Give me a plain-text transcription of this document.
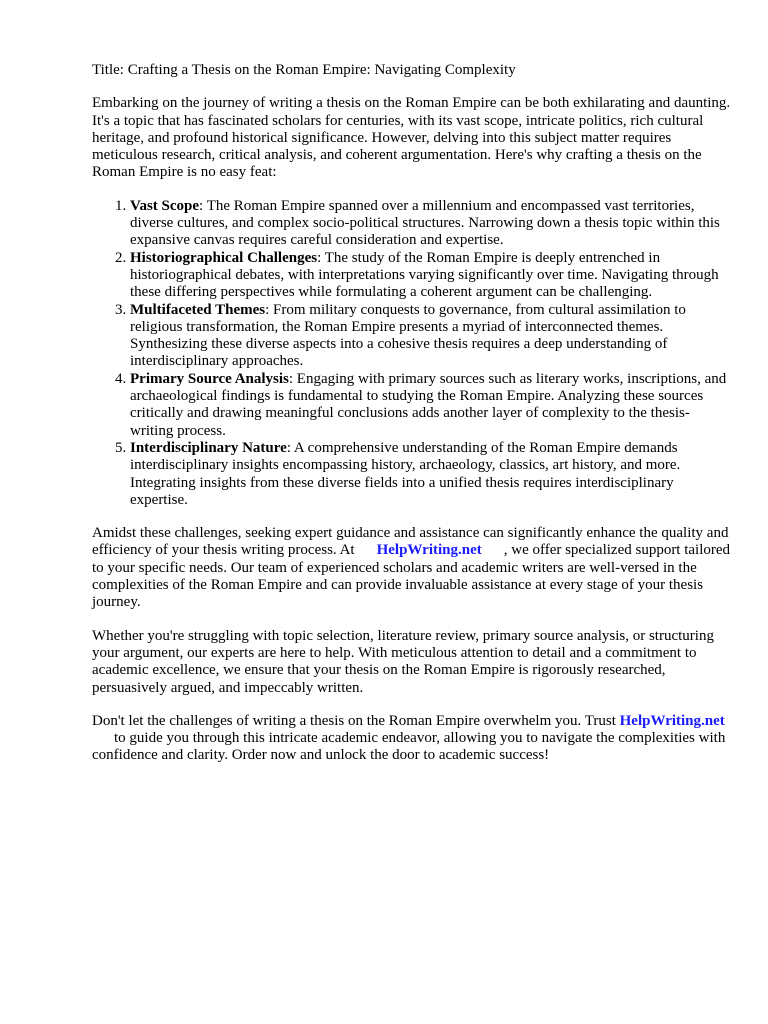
Title: Crafting a Thesis on the Roman Empire: Navigating Complexity

Embarking on the journey of writing a thesis on the Roman Empire can be both exhilarating and daunting. It's a topic that has fascinated scholars for centuries, with its vast scope, intricate politics, rich cultural heritage, and profound historical significance. However, delving into this subject matter requires meticulous research, critical analysis, and coherent argumentation. Here's why crafting a thesis on the Roman Empire is no easy feat:

1. Vast Scope: The Roman Empire spanned over a millennium and encompassed vast territories, diverse cultures, and complex socio-political structures. Narrowing down a thesis topic within this expansive canvas requires careful consideration and expertise.
2. Historiographical Challenges: The study of the Roman Empire is deeply entrenched in historiographical debates, with interpretations varying significantly over time. Navigating through these differing perspectives while formulating a coherent argument can be challenging.
3. Multifaceted Themes: From military conquests to governance, from cultural assimilation to religious transformation, the Roman Empire presents a myriad of interconnected themes. Synthesizing these diverse aspects into a cohesive thesis requires a deep understanding of interdisciplinary approaches.
4. Primary Source Analysis: Engaging with primary sources such as literary works, inscriptions, and archaeological findings is fundamental to studying the Roman Empire. Analyzing these sources critically and drawing meaningful conclusions adds another layer of complexity to the thesis-writing process.
5. Interdisciplinary Nature: A comprehensive understanding of the Roman Empire demands interdisciplinary insights encompassing history, archaeology, classics, art history, and more. Integrating insights from these diverse fields into a unified thesis requires interdisciplinary expertise.

Amidst these challenges, seeking expert guidance and assistance can significantly enhance the quality and efficiency of your thesis writing process. At HelpWriting.net , we offer specialized support tailored to your specific needs. Our team of experienced scholars and academic writers are well-versed in the complexities of the Roman Empire and can provide invaluable assistance at every stage of your thesis journey.

Whether you're struggling with topic selection, literature review, primary source analysis, or structuring your argument, our experts are here to help. With meticulous attention to detail and a commitment to academic excellence, we ensure that your thesis on the Roman Empire is rigorously researched, persuasively argued, and impeccably written.

Don't let the challenges of writing a thesis on the Roman Empire overwhelm you. Trust HelpWriting.netto guide you through this intricate academic endeavor, allowing you to navigate the complexities with confidence and clarity. Order now and unlock the door to academic success!
